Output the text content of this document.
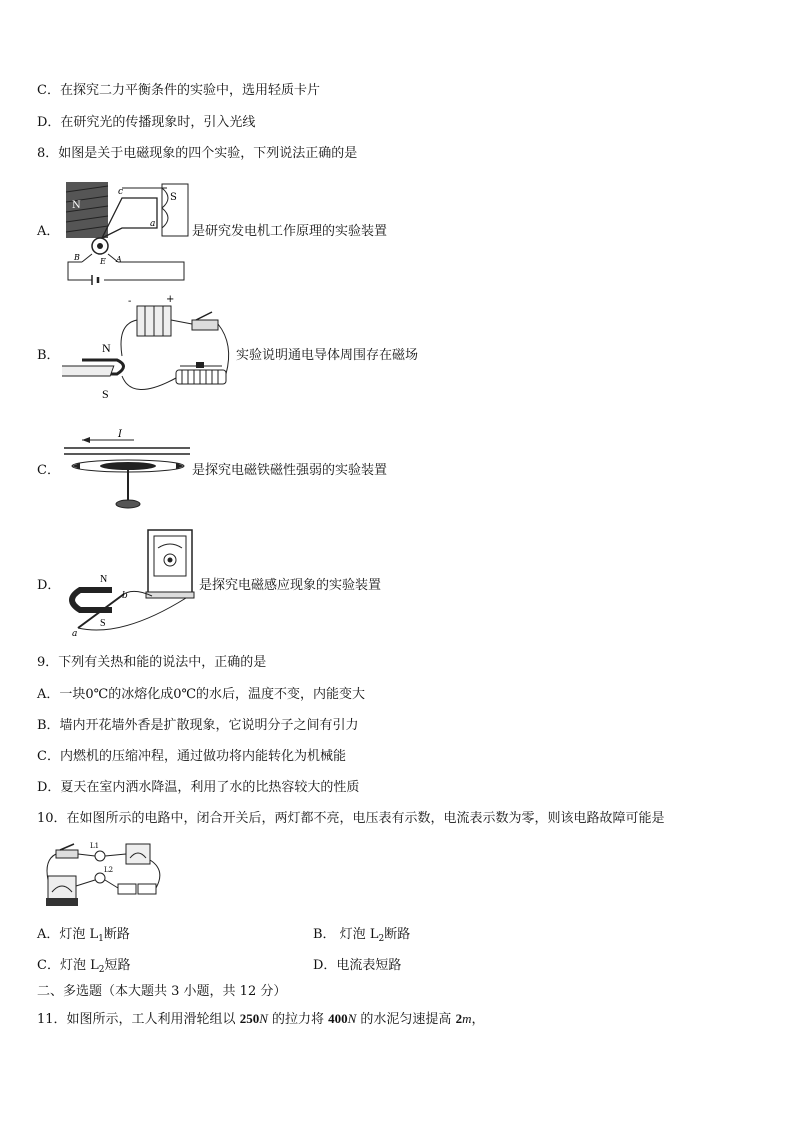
C．在探究二力平衡条件的实验中，选用轻质卡片
D．在研究光的传播现象时，引入光线
8．如图是关于电磁现象的四个实验，下列说法正确的是
A．
N
S
c
a
B	E A
是研究发电机工作原理的实验装置
B．
-	+
N
S
实验说明通电导体周围存在磁场
C．
I
是探究电磁铁磁性强弱的实验装置
D．	N
S
a
b
是探究电磁感应现象的实验装置
9．下列有关热和能的说法中，正确的是
A．一块0℃的冰熔化成0℃的水后，温度不变，内能变大
B．墙内开花墙外香是扩散现象，它说明分子之间有引力
C．内燃机的压缩冲程，通过做功将内能转化为机械能
D．夏天在室内洒水降温，利用了水的比热容较大的性质
10．在如图所示的电路中，闭合开关后，两灯都不亮，电压表有示数，电流表示数为零，则该电路故障可能是
L1
L2
A．灯泡 $L_1$断路	B． 灯泡 $L_2$断路
C．灯泡 $L_2$短路	D．电流表短路
二、多选题（本大题共 3 小题，共 12 分）
11．如图所示，工人利用滑轮组以 250N 的拉力将 400N 的水泥匀速提高 2m，
